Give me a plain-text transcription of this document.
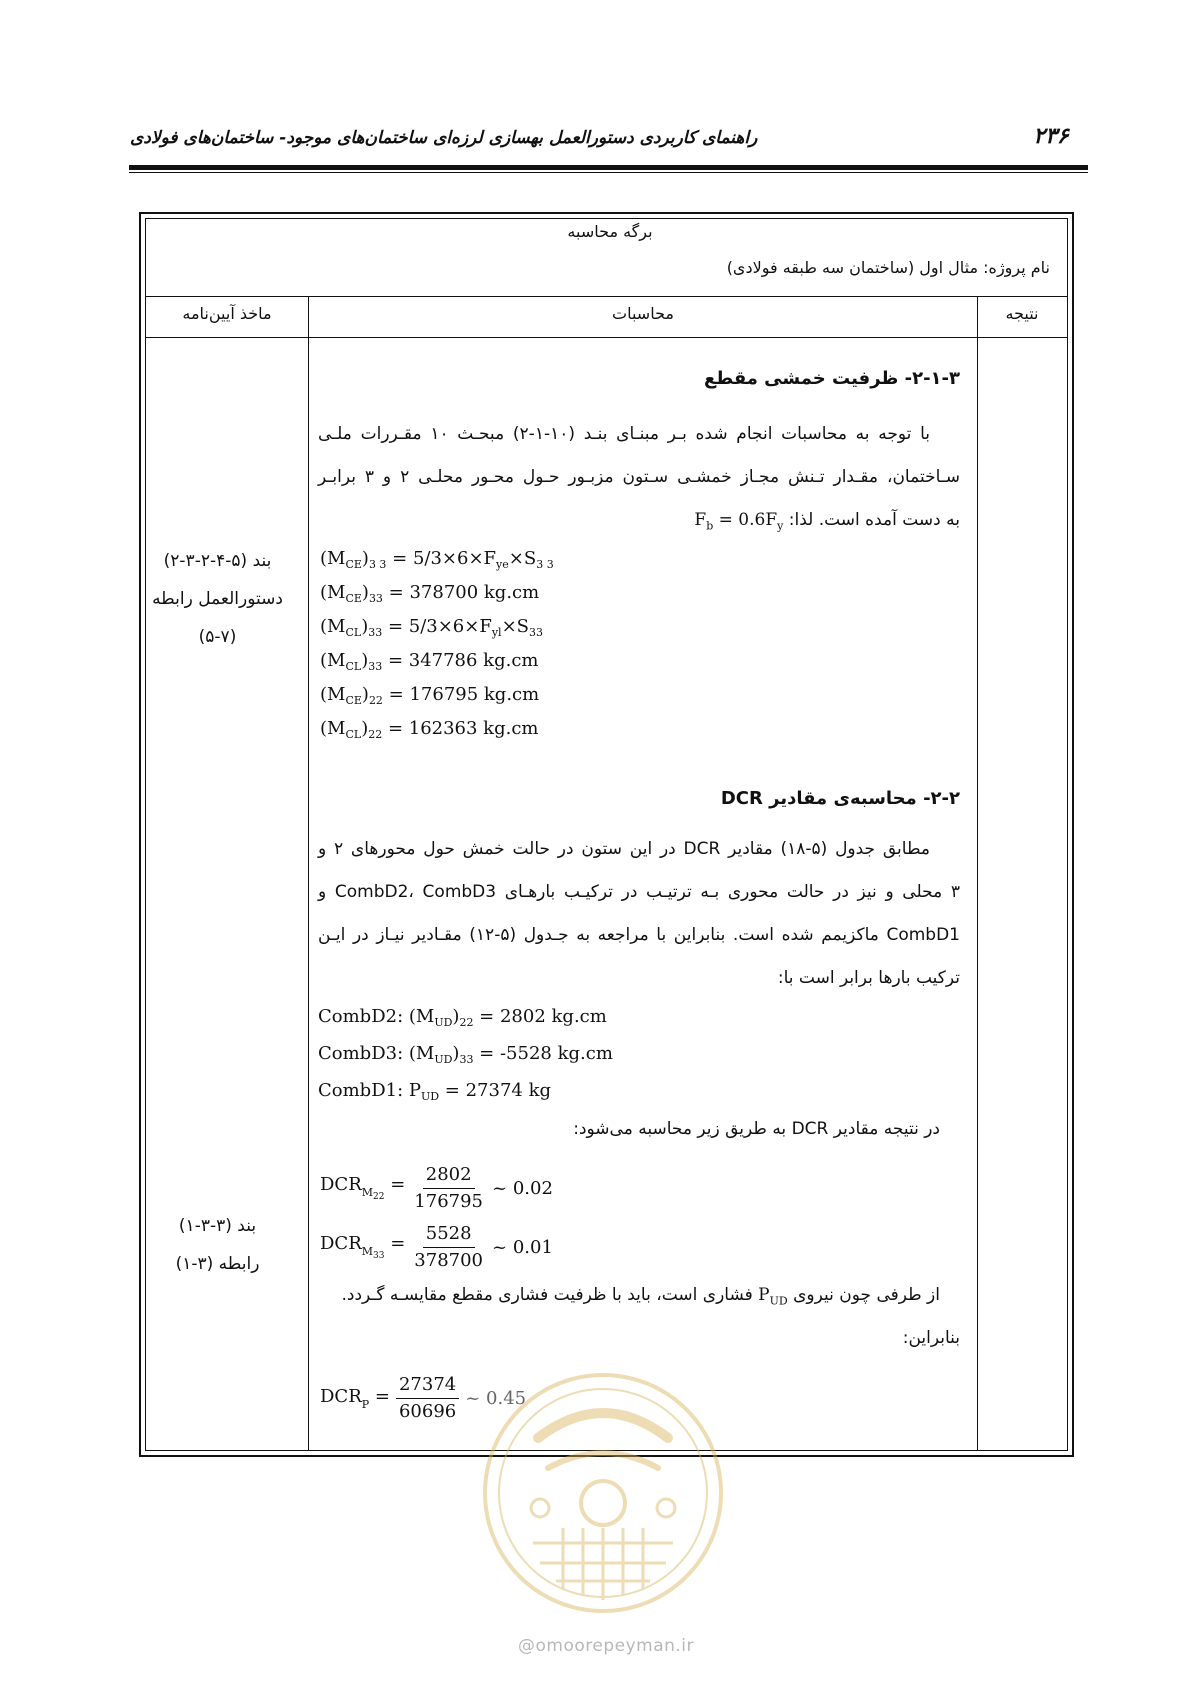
۲۳۶
راهنمای کاربردی دستورالعمل بهسازی لرزه‌ای ساختمان‌های موجود- ساختمان‌های فولادی
برگه محاسبه
نام پروژه: مثال اول (ساختمان سه طبقه فولادی)
نتیجه
محاسبات
ماخذ آیین‌نامه
۲-۱-۳- ظرفیت خمشی مقطع
با توجه به محاسبات انجام شده بـر مبنـای بنـد (۱۰-۱-۲) مبحـث ۱۰ مقـررات ملـی
سـاختمان، مقـدار تـنش مجـاز خمشـی سـتون مزبـور حـول محـور محلـی ۲ و ۳ برابـر
به دست آمده است. لذا: $F_b = 0.6F_y$
$(M_{CE})_{3 3} = 5/3\times 6\times F_{ye}\times S_{3 3}$
$(M_{CE})_{33} = 378700$ kg.cm
$(M_{CL})_{33} = 5/3\times 6\times F_{yl}\times S_{33}$
$(M_{CL})_{33} = 347786$ kg.cm
$(M_{CE})_{22} = 176795$ kg.cm
$(M_{CL})_{22} = 162363$ kg.cm
بند (۵-۴-۲-۳-۲)
دستورالعمل رابطه
(۵-۷)
۲-۲- محاسبه‌ی مقادیر DCR
مطابق جدول (۵-۱۸) مقادیر DCR در این ستون در حالت خمش حول محورهای ۲ و
۳ محلی و نیز در حالت محوری بـه ترتیـب در ترکیـب بارهـای CombD2، CombD3 و
CombD1 ماکزیمم شده است. بنابراین با مراجعه به جـدول (۵-۱۲) مقـادیر نیـاز در ایـن
ترکیب بارها برابر است با:
CombD2: $(M_{UD})_{22} = 2802$ kg.cm
CombD3: $(M_{UD})_{33} = -5528$ kg.cm
CombD1: $P_{UD} = 27374$ kg
در نتیجه مقادیر DCR به طریق زیر محاسبه می‌شود:
$DCR_{M_{22}} = \frac{2802}{176795}$ ~ 0.02
$DCR_{M_{33}} = \frac{5528}{378700}$ ~ 0.01
از طرفی چون نیروی $P_{UD}$ فشاری است، باید با ظرفیت فشاری مقطع مقایسـه گـردد.
بنابراین:
$DCR_P = \frac{27374}{60696}$ ~ 0.45
بند (۳-۳-۱)
رابطه (۳-۱)
@omoorepeyman.ir
